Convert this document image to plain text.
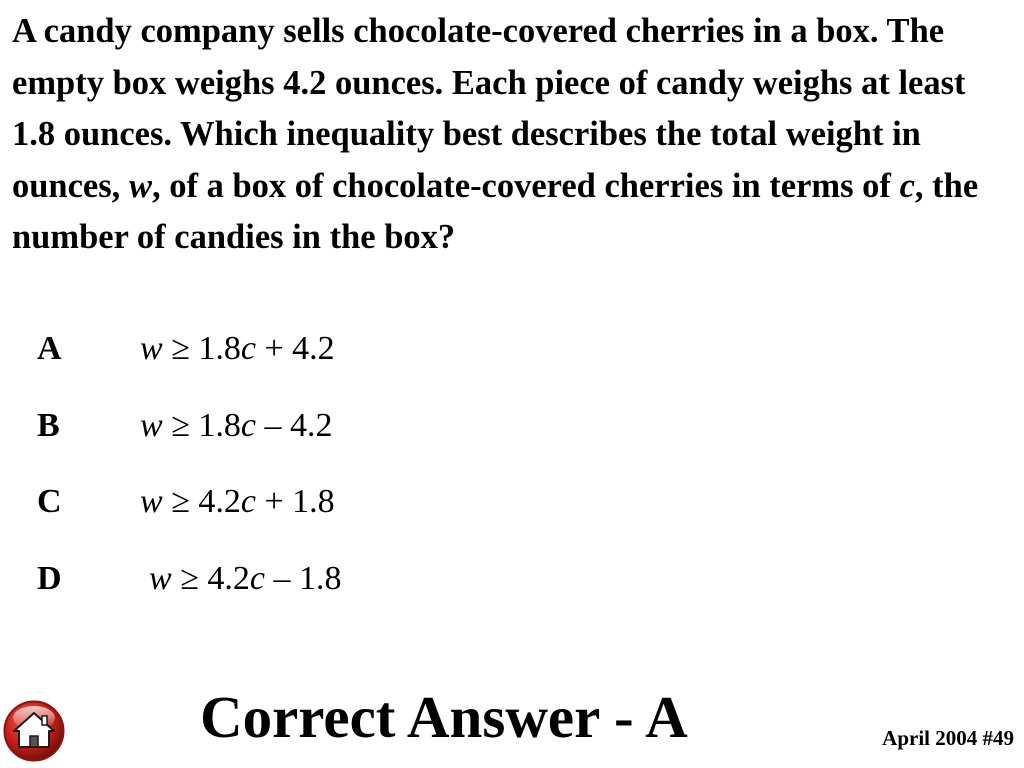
A candy company sells chocolate-covered cherries in a box. The empty box weighs 4.2 ounces. Each piece of candy weighs at least 1.8 ounces. Which inequality best describes the total weight in ounces, w, of a box of chocolate-covered cherries in terms of c, the number of candies in the box?

A w ≥ 1.8c + 4.2
B w ≥ 1.8c – 4.2
C w ≥ 4.2c + 1.8
D	w ≥ 4.2c – 1.8
Correct Answer - A	April 2004 #49
